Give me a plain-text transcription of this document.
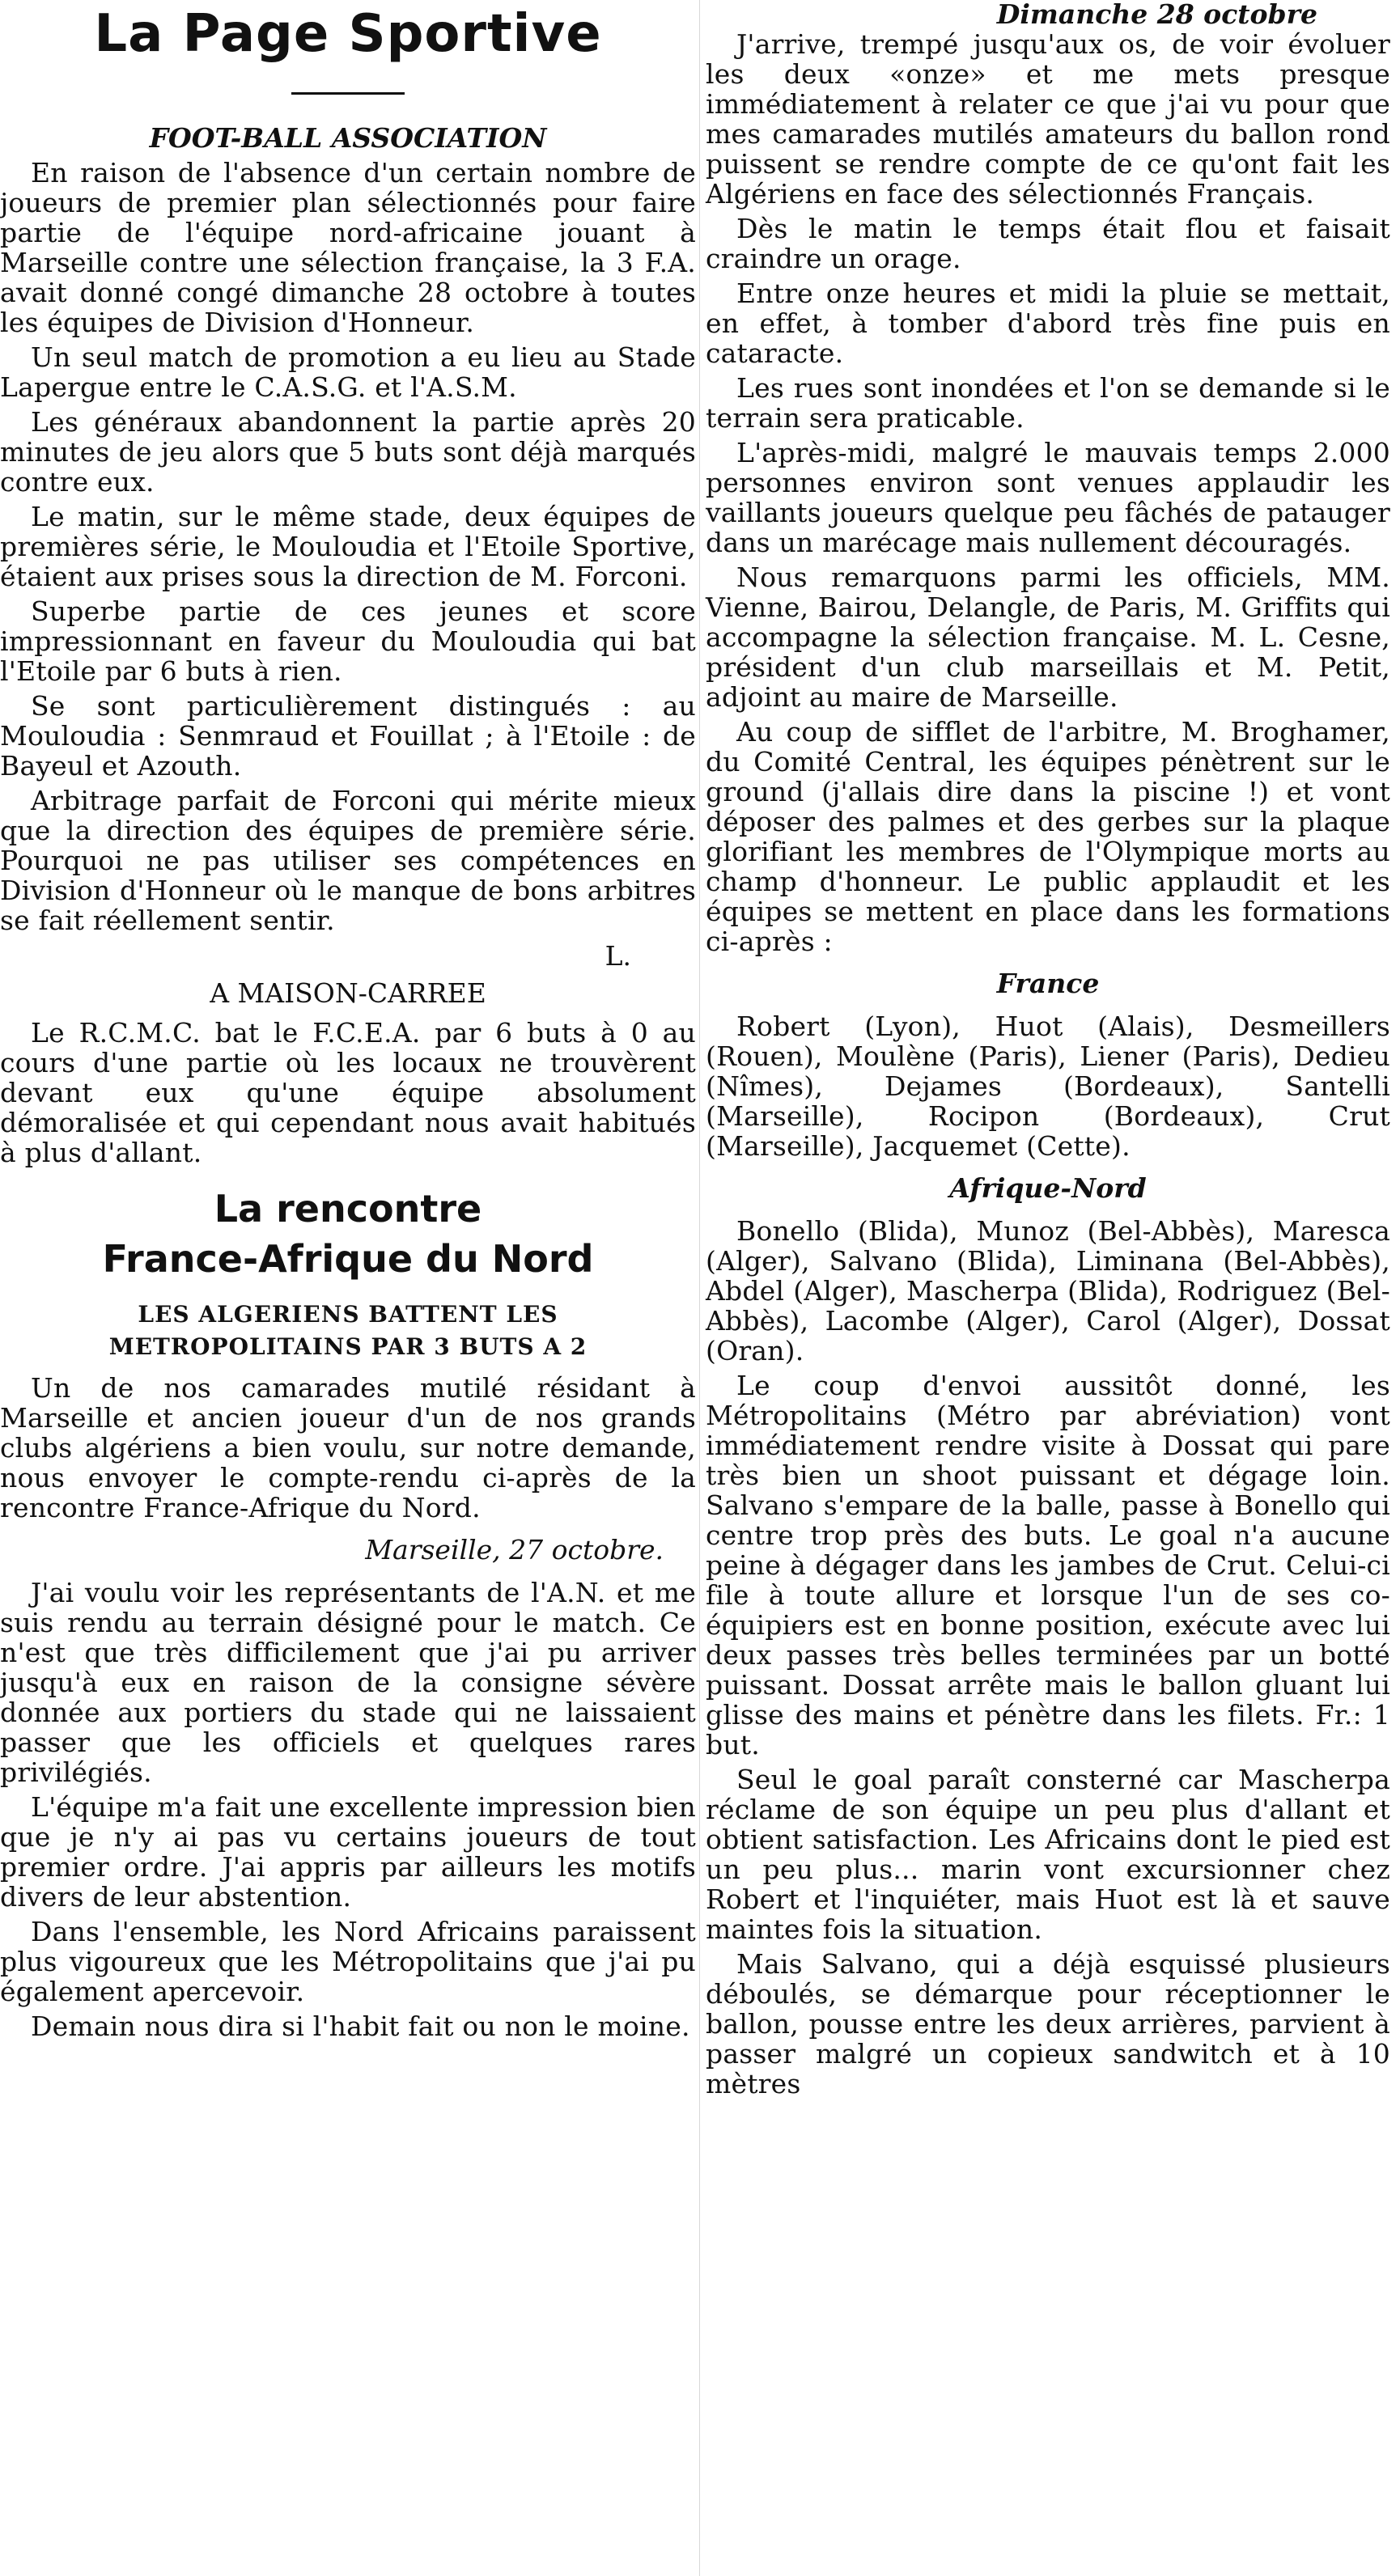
La Page Sportive
FOOT-BALL ASSOCIATION

En raison de l'absence d'un certain nombre de joueurs de premier plan sélectionnés pour faire partie de l'équipe nord-africaine jouant à Marseille contre une sélection française, la 3 F.A. avait donné congé dimanche 28 octobre à toutes les équipes de Division d'Honneur.

Un seul match de promotion a eu lieu au Stade Lapergue entre le C.A.S.G. et l'A.S.M.

Les généraux abandonnent la partie après 20 minutes de jeu alors que 5 buts sont déjà marqués contre eux.

Le matin, sur le même stade, deux équipes de premières série, le Mouloudia et l'Etoile Sportive, étaient aux prises sous la direction de M. Forconi.

Superbe partie de ces jeunes et score impressionnant en faveur du Mouloudia qui bat l'Etoile par 6 buts à rien.

Se sont particulièrement distingués : au Mouloudia : Senmraud et Fouillat ; à l'Etoile : de Bayeul et Azouth.

Arbitrage parfait de Forconi qui mérite mieux que la direction des équipes de première série. Pourquoi ne pas utiliser ses compétences en Division d'Honneur où le manque de bons arbitres se fait réellement sentir.

L.
A MAISON-CARREE

Le R.C.M.C. bat le F.C.E.A. par 6 buts à 0 au cours d'une partie où les locaux ne trouvèrent devant eux qu'une équipe absolument démoralisée et qui cependant nous avait habitués à plus d'allant.

La rencontre
France-Afrique du Nord
LES ALGERIENS BATTENT LES METROPOLITAINS PAR 3 BUTS A 2

Un de nos camarades mutilé résidant à Marseille et ancien joueur d'un de nos grands clubs algériens a bien voulu, sur notre demande, nous envoyer le compte-rendu ci-après de la rencontre France-Afrique du Nord.

Marseille, 27 octobre.

J'ai voulu voir les représentants de l'A.N. et me suis rendu au terrain désigné pour le match. Ce n'est que très difficilement que j'ai pu arriver jusqu'à eux en raison de la consigne sévère donnée aux portiers du stade qui ne laissaient passer que les officiels et quelques rares privilégiés.

L'équipe m'a fait une excellente impression bien que je n'y ai pas vu certains joueurs de tout premier ordre. J'ai appris par ailleurs les motifs divers de leur abstention.

Dans l'ensemble, les Nord Africains paraissent plus vigoureux que les Métropolitains que j'ai pu également apercevoir.

Demain nous dira si l'habit fait ou non le moine.

Dimanche 28 octobre

J'arrive, trempé jusqu'aux os, de voir évoluer les deux «onze» et me mets presque immédiatement à relater ce que j'ai vu pour que mes camarades mutilés amateurs du ballon rond puissent se rendre compte de ce qu'ont fait les Algériens en face des sélectionnés Français.

Dès le matin le temps était flou et faisait craindre un orage.

Entre onze heures et midi la pluie se mettait, en effet, à tomber d'abord très fine puis en cataracte.

Les rues sont inondées et l'on se demande si le terrain sera praticable.

L'après-midi, malgré le mauvais temps 2.000 personnes environ sont venues applaudir les vaillants joueurs quelque peu fâchés de patauger dans un marécage mais nullement découragés.

Nous remarquons parmi les officiels, MM. Vienne, Bairou, Delangle, de Paris, M. Griffits qui accompagne la sélection française. M. L. Cesne, président d'un club marseillais et M. Petit, adjoint au maire de Marseille.

Au coup de sifflet de l'arbitre, M. Broghamer, du Comité Central, les équipes pénètrent sur le ground (j'allais dire dans la piscine !) et vont déposer des palmes et des gerbes sur la plaque glorifiant les membres de l'Olympique morts au champ d'honneur. Le public applaudit et les équipes se mettent en place dans les formations ci-après :

France

Robert (Lyon), Huot (Alais), Desmeillers (Rouen), Moulène (Paris), Liener (Paris), Dedieu (Nîmes), Dejames (Bordeaux), Santelli (Marseille), Rocipon (Bordeaux), Crut (Marseille), Jacquemet (Cette).

Afrique-Nord

Bonello (Blida), Munoz (Bel-Abbès), Maresca (Alger), Salvano (Blida), Liminana (Bel-Abbès), Abdel (Alger), Mascherpa (Blida), Rodriguez (Bel-Abbès), Lacombe (Alger), Carol (Alger), Dossat (Oran).

Le coup d'envoi aussitôt donné, les Métropolitains (Métro par abréviation) vont immédiatement rendre visite à Dossat qui pare très bien un shoot puissant et dégage loin. Salvano s'empare de la balle, passe à Bonello qui centre trop près des buts. Le goal n'a aucune peine à dégager dans les jambes de Crut. Celui-ci file à toute allure et lorsque l'un de ses co-équipiers est en bonne position, exécute avec lui deux passes très belles terminées par un botté puissant. Dossat arrête mais le ballon gluant lui glisse des mains et pénètre dans les filets. Fr.: 1 but.

Seul le goal paraît consterné car Mascherpa réclame de son équipe un peu plus d'allant et obtient satisfaction. Les Africains dont le pied est un peu plus... marin vont excursionner chez Robert et l'inquiéter, mais Huot est là et sauve maintes fois la situation.

Mais Salvano, qui a déjà esquissé plusieurs déboulés, se démarque pour réceptionner le ballon, pousse entre les deux arrières, parvient à passer malgré un copieux sandwitch et à 10 mètres
